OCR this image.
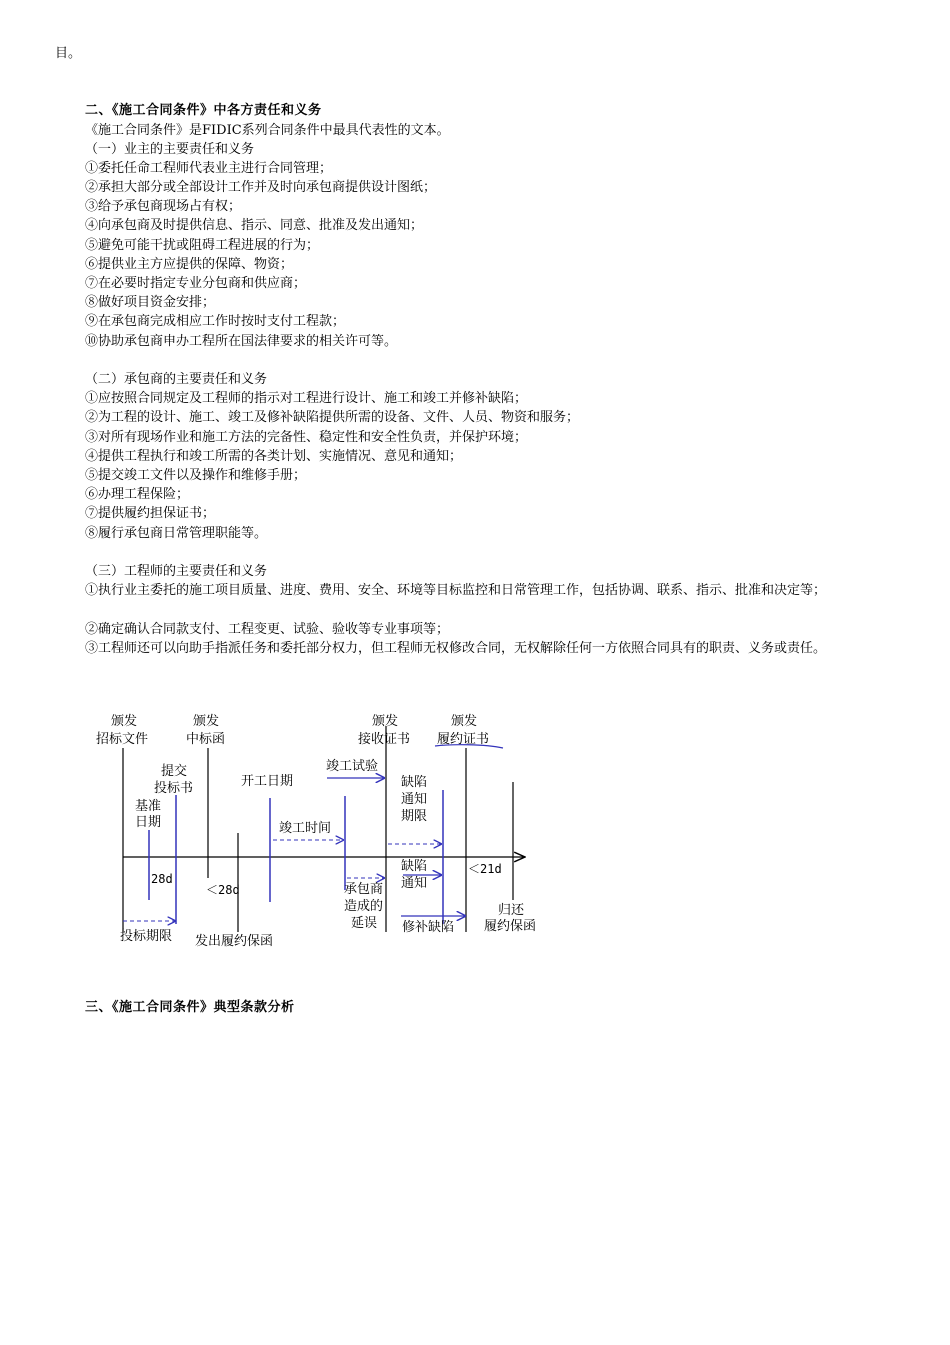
目。
二、《施工合同条件》中各方责任和义务
《施工合同条件》是FIDIC系列合同条件中最具代表性的文本。
（一）业主的主要责任和义务
①委托任命工程师代表业主进行合同管理；
②承担大部分或全部设计工作并及时向承包商提供设计图纸；
③给予承包商现场占有权；
④向承包商及时提供信息、指示、同意、批准及发出通知；
⑤避免可能干扰或阻碍工程进展的行为；
⑥提供业主方应提供的保障、物资；
⑦在必要时指定专业分包商和供应商；
⑧做好项目资金安排；
⑨在承包商完成相应工作时按时支付工程款；
⑩协助承包商申办工程所在国法律要求的相关许可等。
（二）承包商的主要责任和义务
①应按照合同规定及工程师的指示对工程进行设计、施工和竣工并修补缺陷；
②为工程的设计、施工、竣工及修补缺陷提供所需的设备、文件、人员、物资和服务；
③对所有现场作业和施工方法的完备性、稳定性和安全性负责，并保护环境；
④提供工程执行和竣工所需的各类计划、实施情况、意见和通知；
⑤提交竣工文件以及操作和维修手册；
⑥办理工程保险；
⑦提供履约担保证书；
⑧履行承包商日常管理职能等。
（三）工程师的主要责任和义务
①执行业主委托的施工项目质量、进度、费用、安全、环境等目标监控和日常管理工作，包括协调、联系、指示、批准和决定等；
②确定确认合同款支付、工程变更、试验、验收等专业事项等；
③工程师还可以向助手指派任务和委托部分权力，但工程师无权修改合同，无权解除任何一方依照合同具有的职责、义务或责任。
颁发
招标文件
颁发
中标函
颁发
接收证书
颁发
履约证书
提交
投标书
基准
日期
开工日期
竣工试验
缺陷
通知
期限
竣工时间
28d
＜28d
＜21d
缺陷
通知
承包商
造成的
延误
归还
履约保函
投标期限 发出履约保函
修补缺陷
三、《施工合同条件》典型条款分析
